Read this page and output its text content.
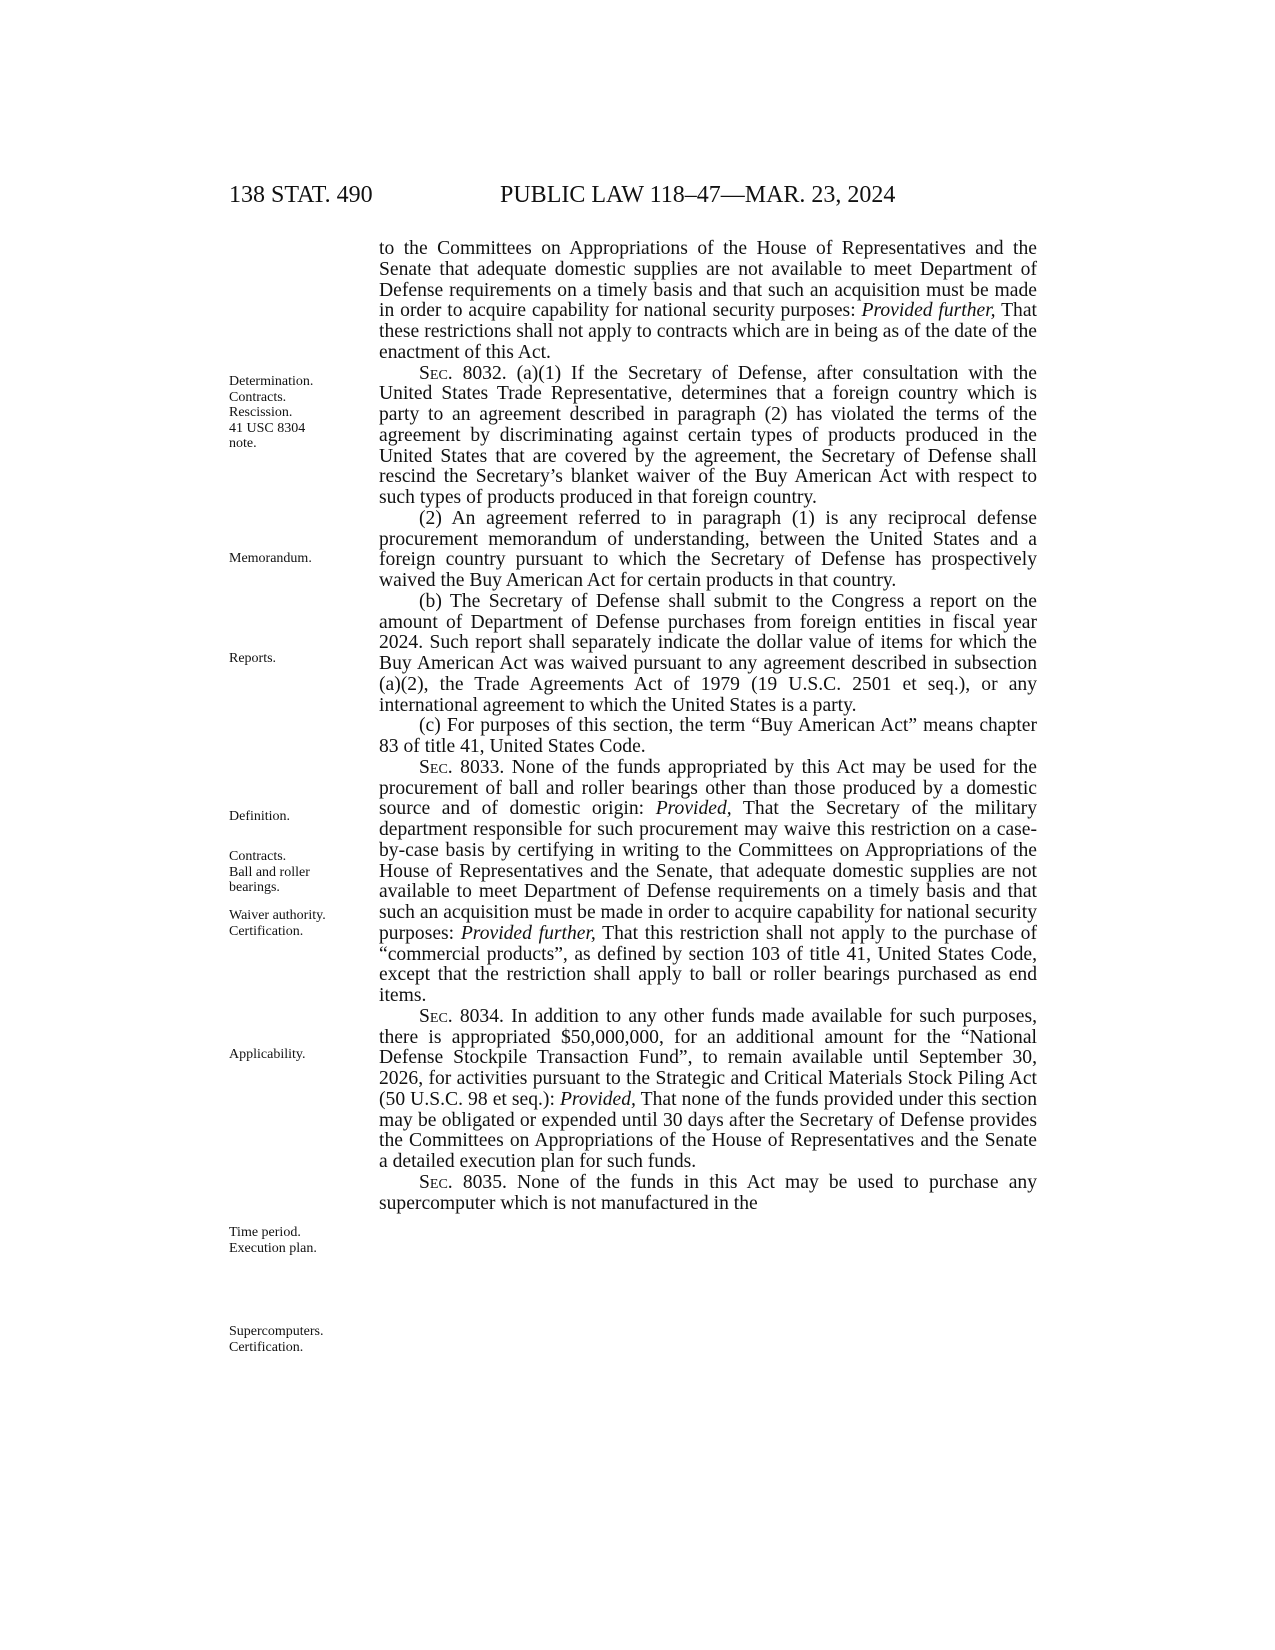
138 STAT. 490	PUBLIC LAW 118–47—MAR. 23, 2024
Determination.
Contracts.
Rescission.
41 USC 8304
note.
Memorandum.
Reports.
Definition.
Contracts.
Ball and roller
bearings.
Waiver authority.
Certification.
Applicability.
Time period.
Execution plan.
Supercomputers.
Certification.

to the Committees on Appropriations of the House of Representatives and the Senate that adequate domestic supplies are not available to meet Department of Defense requirements on a timely basis and that such an acquisition must be made in order to acquire capability for national security purposes: Provided further, That these restrictions shall not apply to contracts which are in being as of the date of the enactment of this Act.

Sec. 8032. (a)(1) If the Secretary of Defense, after consultation with the United States Trade Representative, determines that a foreign country which is party to an agreement described in paragraph (2) has violated the terms of the agreement by discriminating against certain types of products produced in the United States that are covered by the agreement, the Secretary of Defense shall rescind the Secretary’s blanket waiver of the Buy American Act with respect to such types of products produced in that foreign country.

(2) An agreement referred to in paragraph (1) is any reciprocal defense procurement memorandum of understanding, between the United States and a foreign country pursuant to which the Secretary of Defense has prospectively waived the Buy American Act for certain products in that country.

(b) The Secretary of Defense shall submit to the Congress a report on the amount of Department of Defense purchases from foreign entities in fiscal year 2024. Such report shall separately indicate the dollar value of items for which the Buy American Act was waived pursuant to any agreement described in subsection (a)(2), the Trade Agreements Act of 1979 (19 U.S.C. 2501 et seq.), or any international agreement to which the United States is a party.

(c) For purposes of this section, the term “Buy American Act” means chapter 83 of title 41, United States Code.

Sec. 8033. None of the funds appropriated by this Act may be used for the procurement of ball and roller bearings other than those produced by a domestic source and of domestic origin: Provided, That the Secretary of the military department responsible for such procurement may waive this restriction on a case-by-case basis by certifying in writing to the Committees on Appropriations of the House of Representatives and the Senate, that adequate domestic supplies are not available to meet Department of Defense requirements on a timely basis and that such an acquisition must be made in order to acquire capability for national security purposes: Provided further, That this restriction shall not apply to the purchase of “commercial products”, as defined by section 103 of title 41, United States Code, except that the restriction shall apply to ball or roller bearings purchased as end items.

Sec. 8034. In addition to any other funds made available for such purposes, there is appropriated $50,000,000, for an additional amount for the “National Defense Stockpile Transaction Fund”, to remain available until September 30, 2026, for activities pursuant to the Strategic and Critical Materials Stock Piling Act (50 U.S.C. 98 et seq.): Provided, That none of the funds provided under this section may be obligated or expended until 30 days after the Secretary of Defense provides the Committees on Appropriations of the House of Representatives and the Senate a detailed execution plan for such funds.

Sec. 8035. None of the funds in this Act may be used to purchase any supercomputer which is not manufactured in the
